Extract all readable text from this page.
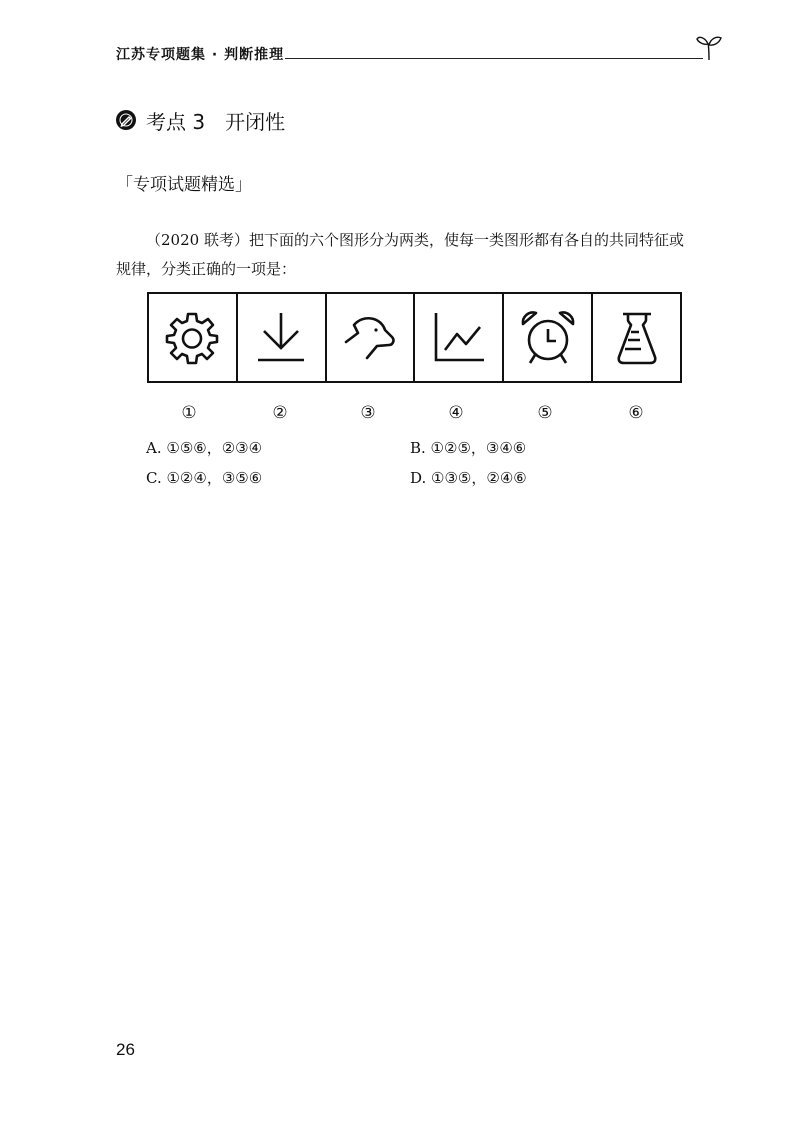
江苏专项题集 · 判断推理
考点 3　开闭性
「专项试题精选」
（2020 联考）把下面的六个图形分为两类，使每一类图形都有各自的共同特征或
规律，分类正确的一项是：
①	②	③	④	⑤	⑥
A. ①⑤⑥，②③④	B. ①②⑤，③④⑥
C. ①②④，③⑤⑥	D. ①③⑤，②④⑥
26
